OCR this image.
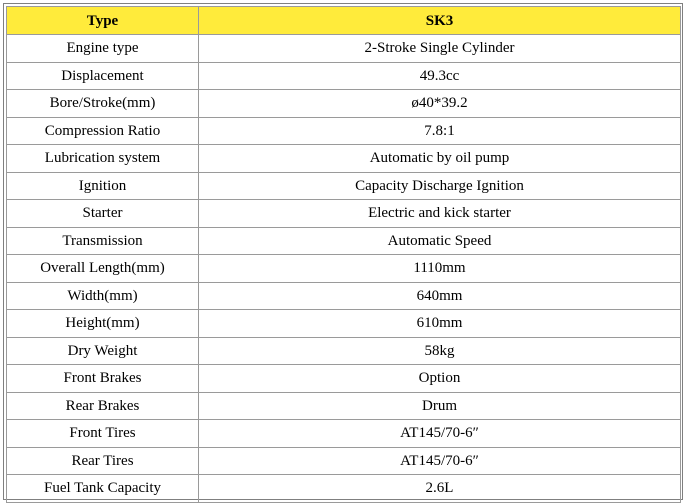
Type	SK3
Engine type	2-Stroke Single Cylinder
Displacement	49.3cc
Bore/Stroke(mm)	ø40*39.2
Compression Ratio	7.8:1
Lubrication system	Automatic by oil pump
Ignition	Capacity Discharge Ignition
Starter	Electric and kick starter
Transmission	Automatic Speed
Overall Length(mm)	1110mm
Width(mm)	640mm
Height(mm)	610mm
Dry Weight	58kg
Front Brakes	Option
Rear Brakes	Drum
Front Tires	AT145/70-6″
Rear Tires	AT145/70-6″
Fuel Tank Capacity	2.6L
